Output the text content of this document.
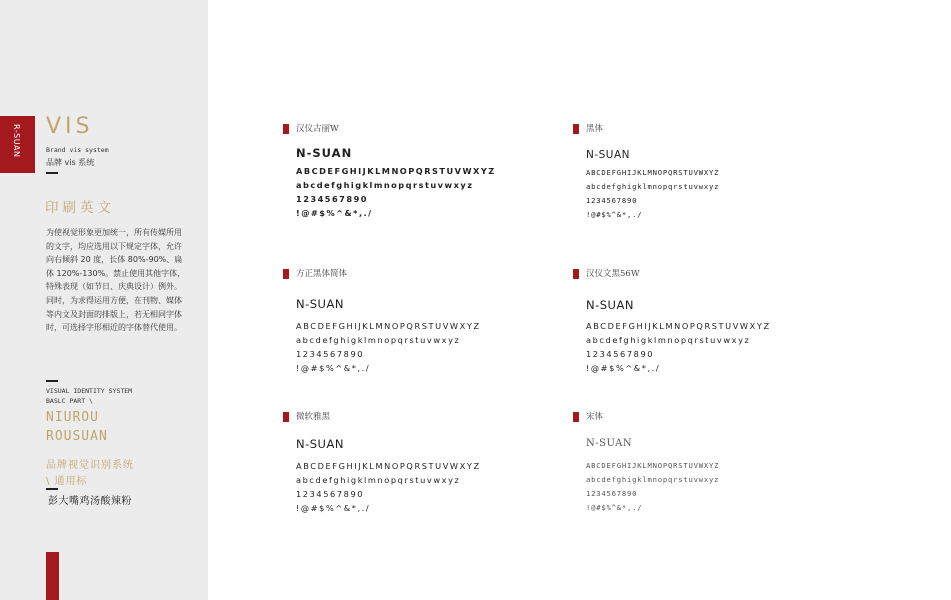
R-SUAN VIS
Brand vis system
品牌 vis 系统
印刷英文
为使视觉形象更加统一，所有传媒所用的文字，均应选用以下规定字体，允许向右倾斜 20 度，长体 80%-90%、扁体 120%-130%。禁止使用其他字体，特殊表现（如节日、庆典设计）例外。同时，为求得运用方便，在刊物、媒体等内文及封面的排版上，若无相同字体时，可选择字形相近的字体替代使用。
VISUAL IDENTITY SYSTEM
BASLC PART \
NIUROU
ROUSUAN
品牌视觉识别系统
\ 通用标
彭大嘴鸡汤酸辣粉
汉仪古丽W
N-SUAN
ABCDEFGHIJKLMNOPQRSTUVWXYZ
abcdefghigklmnopqrstuvwxyz
1234567890
!@#$%^&*,./
黑体
N-SUAN
ABCDEFGHIJKLMNOPQRSTUVWXYZ
abcdefghigklmnopqrstuvwxyz
1234567890
!@#$%^&*,./
方正黑体简体
N-SUAN
ABCDEFGHIJKLMNOPQRSTUVWXYZ
abcdefghigklmnopqrstuvwxyz
1234567890
!@#$%^&*,./
汉仪文黑56W
N-SUAN
ABCDEFGHIJKLMNOPQRSTUVWXYZ
abcdefghigklmnopqrstuvwxyz
1234567890
!@#$%^&*,./
微软雅黑
N-SUAN
ABCDEFGHIJKLMNOPQRSTUVWXYZ
abcdefghigklmnopqrstuvwxyz
1234567890
!@#$%^&*,./
宋体
N-SUAN
ABCDEFGHIJKLMNOPQRSTUVWXYZ
abcdefghigklmnopqrstuvwxyz
1234567890
!@#$%^&*,./
